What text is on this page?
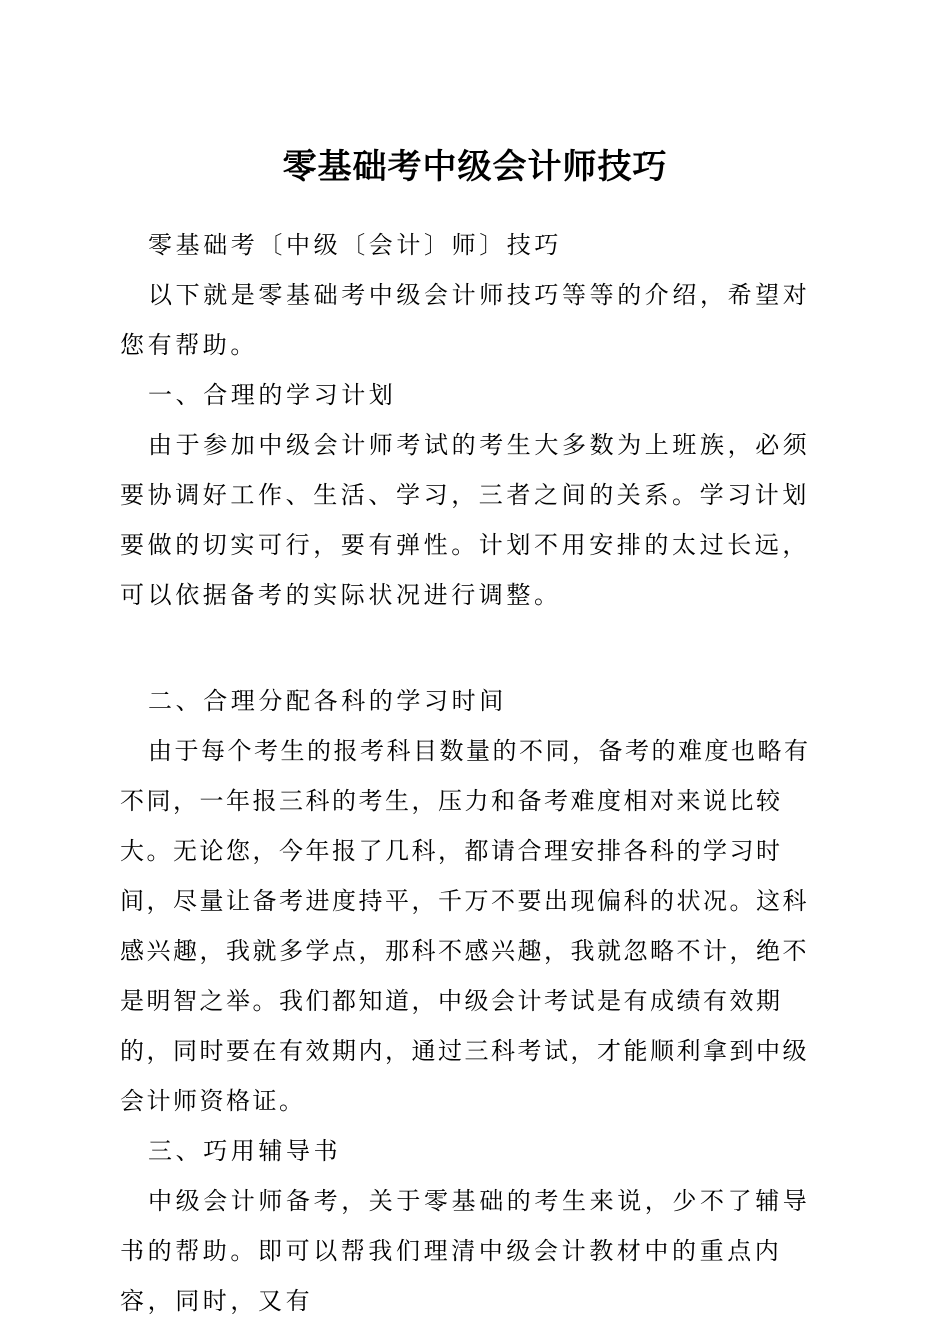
零基础考中级会计师技巧

零基础考〔中级〔会计〕师〕技巧

以下就是零基础考中级会计师技巧等等的介绍，希望对您有帮助。

一、合理的学习计划

由于参加中级会计师考试的考生大多数为上班族，必须要协调好工作、生活、学习，三者之间的关系。学习计划要做的切实可行，要有弹性。计划不用安排的太过长远，可以依据备考的实际状况进行调整。

二、合理分配各科的学习时间

由于每个考生的报考科目数量的不同，备考的难度也略有不同，一年报三科的考生，压力和备考难度相对来说比较大。无论您，今年报了几科，都请合理安排各科的学习时间，尽量让备考进度持平，千万不要出现偏科的状况。这科感兴趣，我就多学点，那科不感兴趣，我就忽略不计，绝不是明智之举。我们都知道，中级会计考试是有成绩有效期的，同时要在有效期内，通过三科考试，才能顺利拿到中级会计师资格证。

三、巧用辅导书

中级会计师备考，关于零基础的考生来说，少不了辅导书的帮助。即可以帮我们理清中级会计教材中的重点内容，同时，又有
